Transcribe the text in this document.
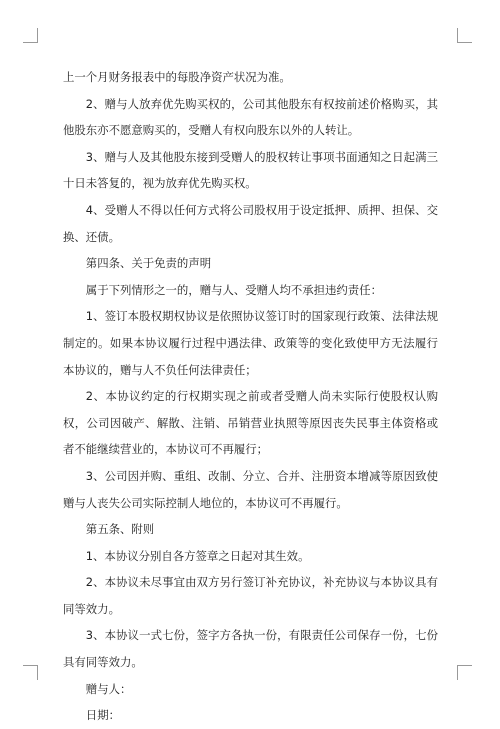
上一个月财务报表中的每股净资产状况为准。

2、赠与人放弃优先购买权的，公司其他股东有权按前述价格购买，其他股东亦不愿意购买的，受赠人有权向股东以外的人转让。

3、赠与人及其他股东接到受赠人的股权转让事项书面通知之日起满三十日未答复的，视为放弃优先购买权。

4、受赠人不得以任何方式将公司股权用于设定抵押、质押、担保、交换、还债。

第四条、关于免责的声明

属于下列情形之一的，赠与人、受赠人均不承担违约责任：

1、签订本股权期权协议是依照协议签订时的国家现行政策、法律法规制定的。如果本协议履行过程中遇法律、政策等的变化致使甲方无法履行本协议的，赠与人不负任何法律责任；

2、本协议约定的行权期实现之前或者受赠人尚未实际行使股权认购权，公司因破产、解散、注销、吊销营业执照等原因丧失民事主体资格或者不能继续营业的，本协议可不再履行；

3、公司因并购、重组、改制、分立、合并、注册资本增减等原因致使赠与人丧失公司实际控制人地位的，本协议可不再履行。

第五条、附则

1、本协议分别自各方签章之日起对其生效。

2、本协议未尽事宜由双方另行签订补充协议，补充协议与本协议具有同等效力。

3、本协议一式七份，签字方各执一份，有限责任公司保存一份，七份具有同等效力。

赠与人：

日期：
